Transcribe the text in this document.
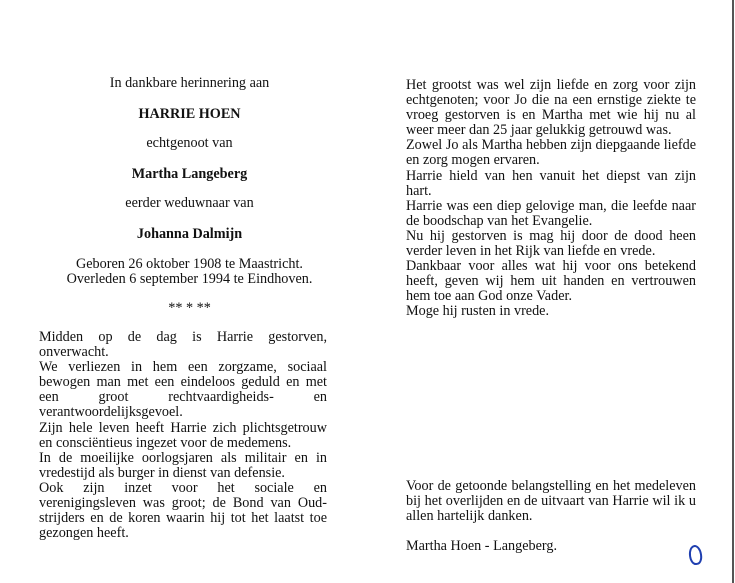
In dankbare herinnering aan

HARRIE HOEN

echtgenoot van

Martha Langeberg

eerder weduwnaar van

Johanna Dalmijn

Geboren 26 oktober 1908 te Maastricht.

Overleden 6 september 1994 te Eindhoven.

** * **

Midden op de dag is Harrie gestorven, onverwacht.

We verliezen in hem een zorgzame, sociaal bewogen man met een eindeloos geduld en met een groot rechtvaardigheids- en verantwoordelijksgevoel.

Zijn hele leven heeft Harrie zich plichtsgetrouw en consciëntieus ingezet voor de medemens.

In de moeilijke oorlogsjaren als militair en in vredestijd als burger in dienst van defensie.

Ook zijn inzet voor het sociale en verenigingsleven was groot; de Bond van Oud-strijders en de koren waarin hij tot het laatst toe gezongen heeft.

Het grootst was wel zijn liefde en zorg voor zijn echtgenoten; voor Jo die na een ernstige ziekte te vroeg gestorven is en Martha met wie hij nu al weer meer dan 25 jaar gelukkig getrouwd was.

Zowel Jo als Martha hebben zijn diepgaande liefde en zorg mogen ervaren.

Harrie hield van hen vanuit het diepst van zijn hart.

Harrie was een diep gelovige man, die leefde naar de boodschap van het Evangelie.

Nu hij gestorven is mag hij door de dood heen verder leven in het Rijk van liefde en vrede.

Dankbaar voor alles wat hij voor ons betekend heeft, geven wij hem uit handen en vertrouwen hem toe aan God onze Vader.

Moge hij rusten in vrede.

Voor de getoonde belangstelling en het medeleven bij het overlijden en de uitvaart van Harrie wil ik u allen hartelijk danken.

Martha Hoen - Langeberg.
